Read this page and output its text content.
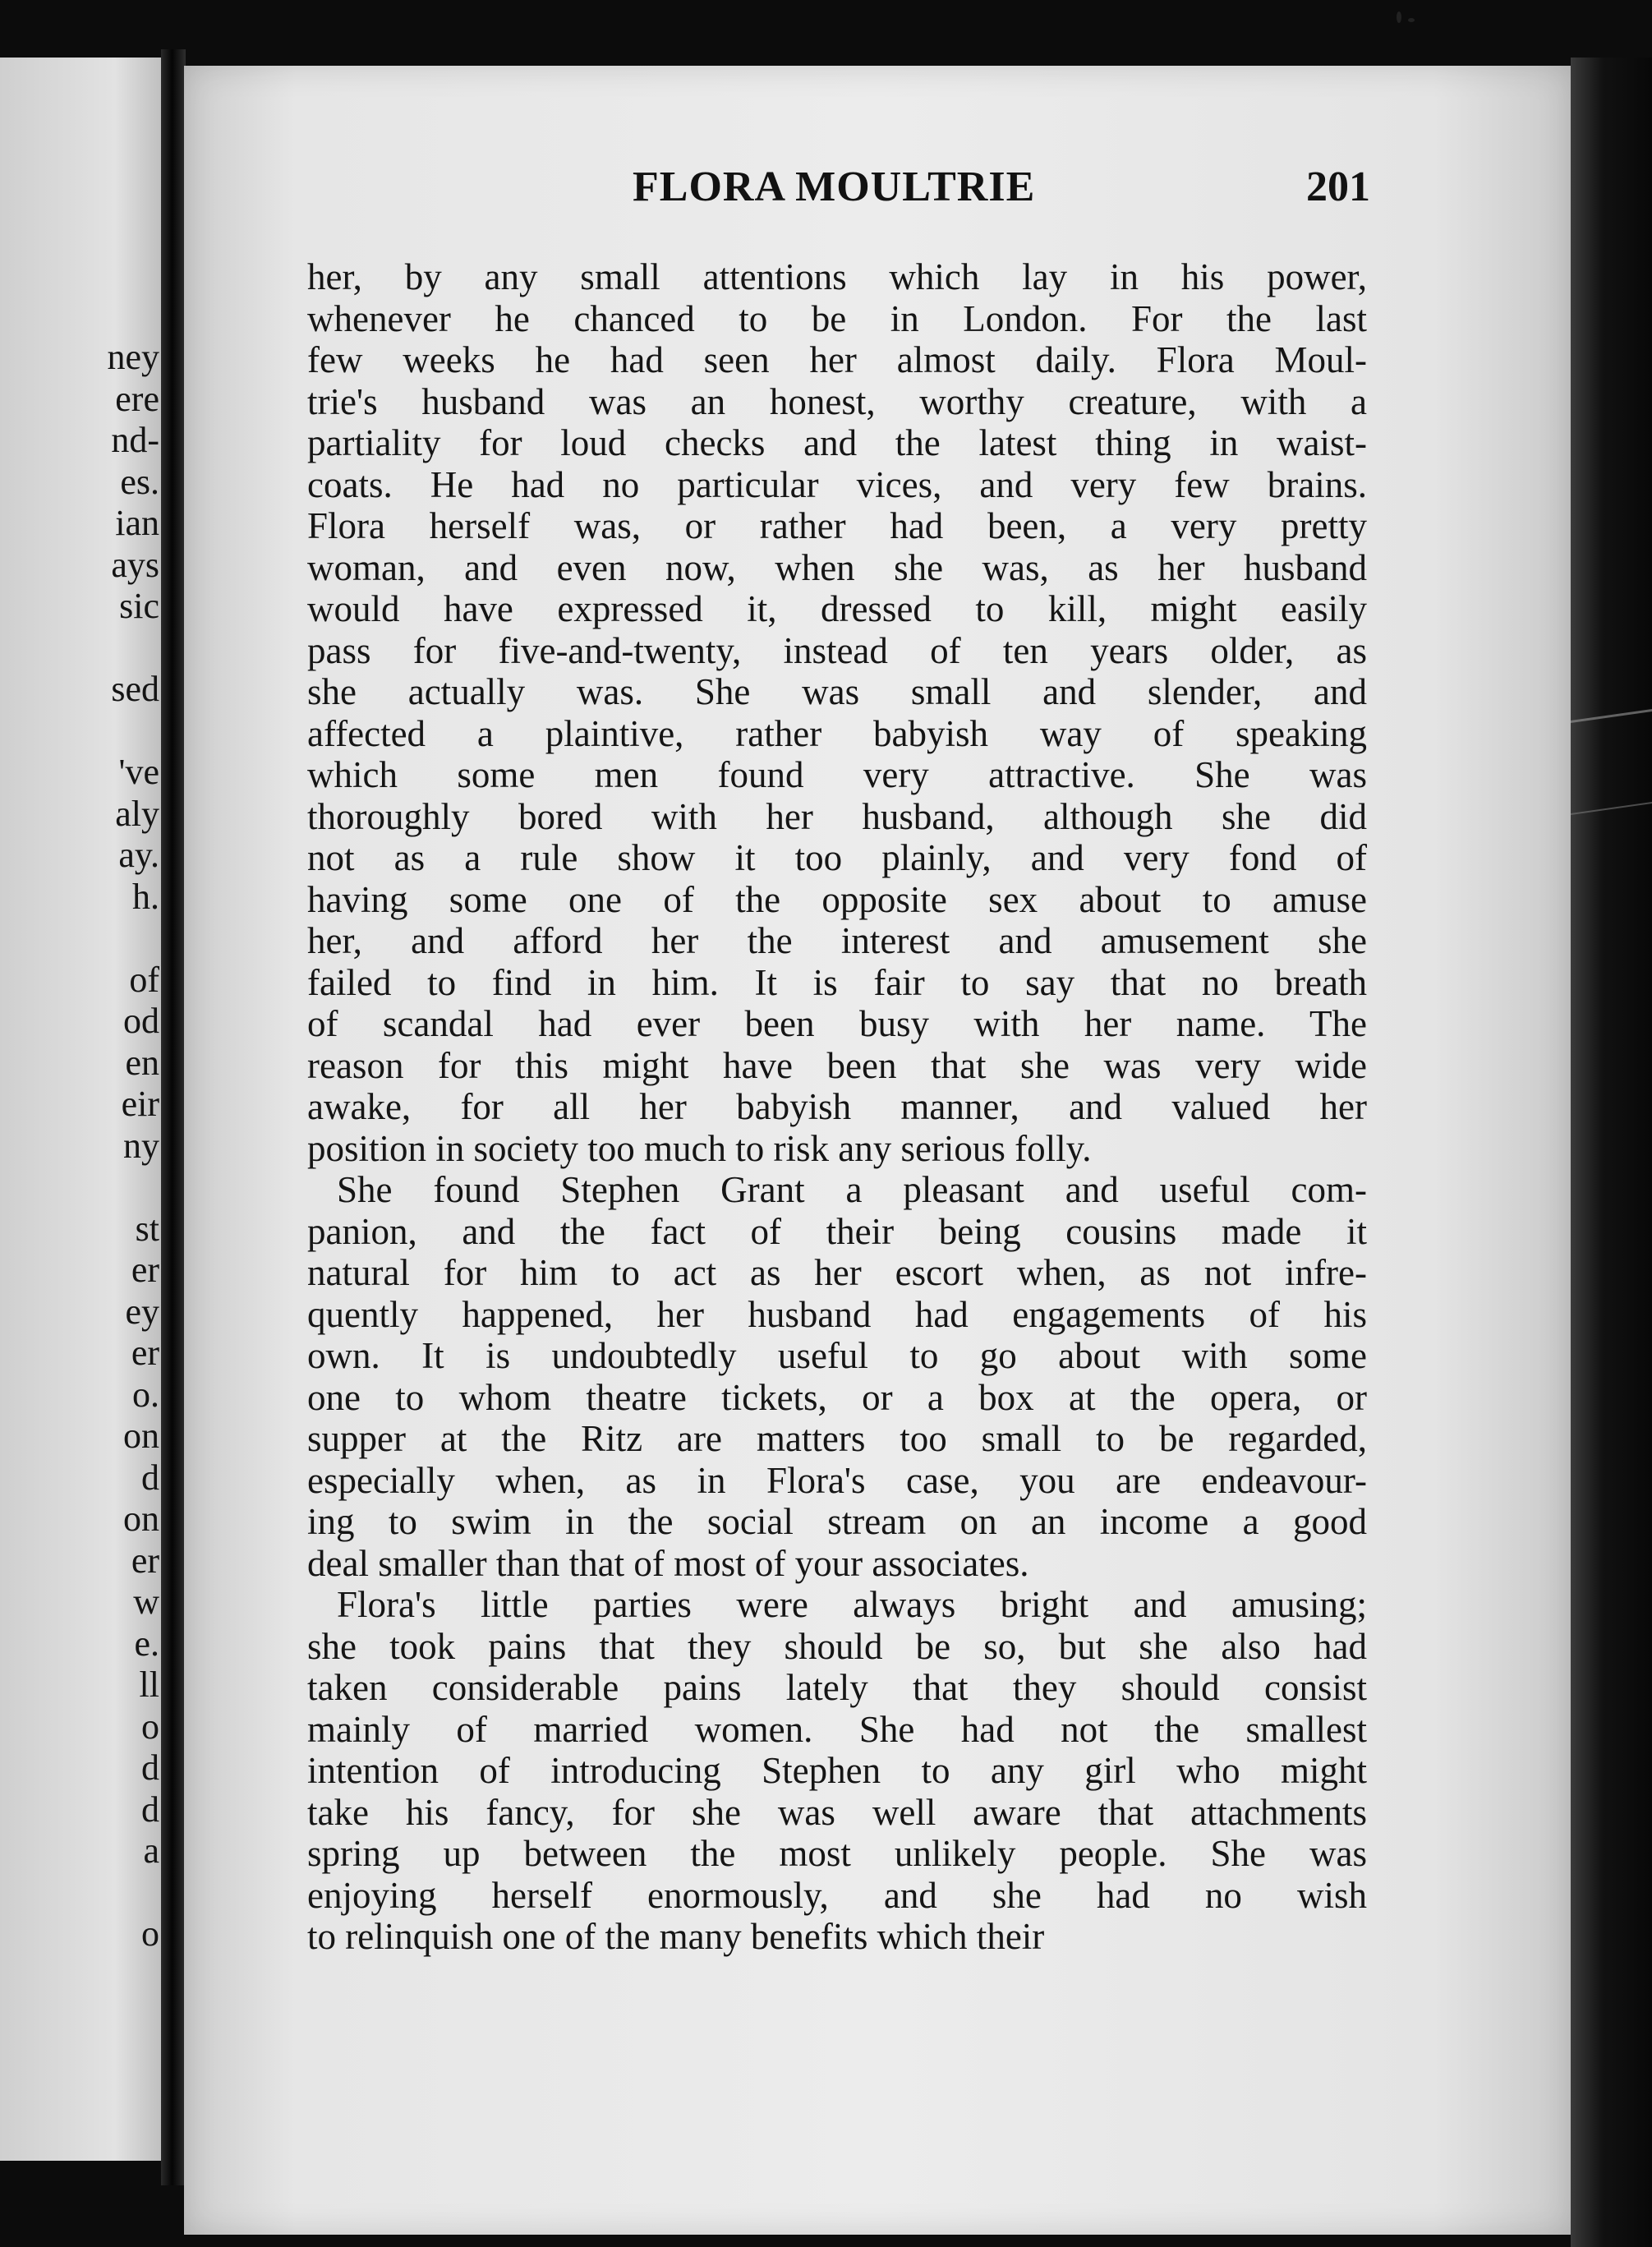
ney
ere
nd-
es.
ian
ays
sic
sed
've
aly
ay.
h.
of
od
en
eir
ny
st
er
ey
er
o.
on
d
on
er
w
e.
ll
o
d
d
a
o
FLORA MOULTRIE	201
her, by any small attentions which lay in his power,
whenever he chanced to be in London. For the last
few weeks he had seen her almost daily. Flora Moul-
trie's husband was an honest, worthy creature, with a
partiality for loud checks and the latest thing in waist-
coats. He had no particular vices, and very few brains.
Flora herself was, or rather had been, a very pretty
woman, and even now, when she was, as her husband
would have expressed it, dressed to kill, might easily
pass for five-and-twenty, instead of ten years older, as
she actually was. She was small and slender, and
affected a plaintive, rather babyish way of speaking
which some men found very attractive. She was
thoroughly bored with her husband, although she did
not as a rule show it too plainly, and very fond of
having some one of the opposite sex about to amuse
her, and afford her the interest and amusement she
failed to find in him. It is fair to say that no breath
of scandal had ever been busy with her name. The
reason for this might have been that she was very wide
awake, for all her babyish manner, and valued her
position in society too much to risk any serious folly.
She found Stephen Grant a pleasant and useful com-
panion, and the fact of their being cousins made it
natural for him to act as her escort when, as not infre-
quently happened, her husband had engagements of his
own. It is undoubtedly useful to go about with some
one to whom theatre tickets, or a box at the opera, or
supper at the Ritz are matters too small to be regarded,
especially when, as in Flora's case, you are endeavour-
ing to swim in the social stream on an income a good
deal smaller than that of most of your associates.
Flora's little parties were always bright and amusing;
she took pains that they should be so, but she also had
taken considerable pains lately that they should consist
mainly of married women. She had not the smallest
intention of introducing Stephen to any girl who might
take his fancy, for she was well aware that attachments
spring up between the most unlikely people. She was
enjoying herself enormously, and she had no wish
to relinquish one of the many benefits which their
